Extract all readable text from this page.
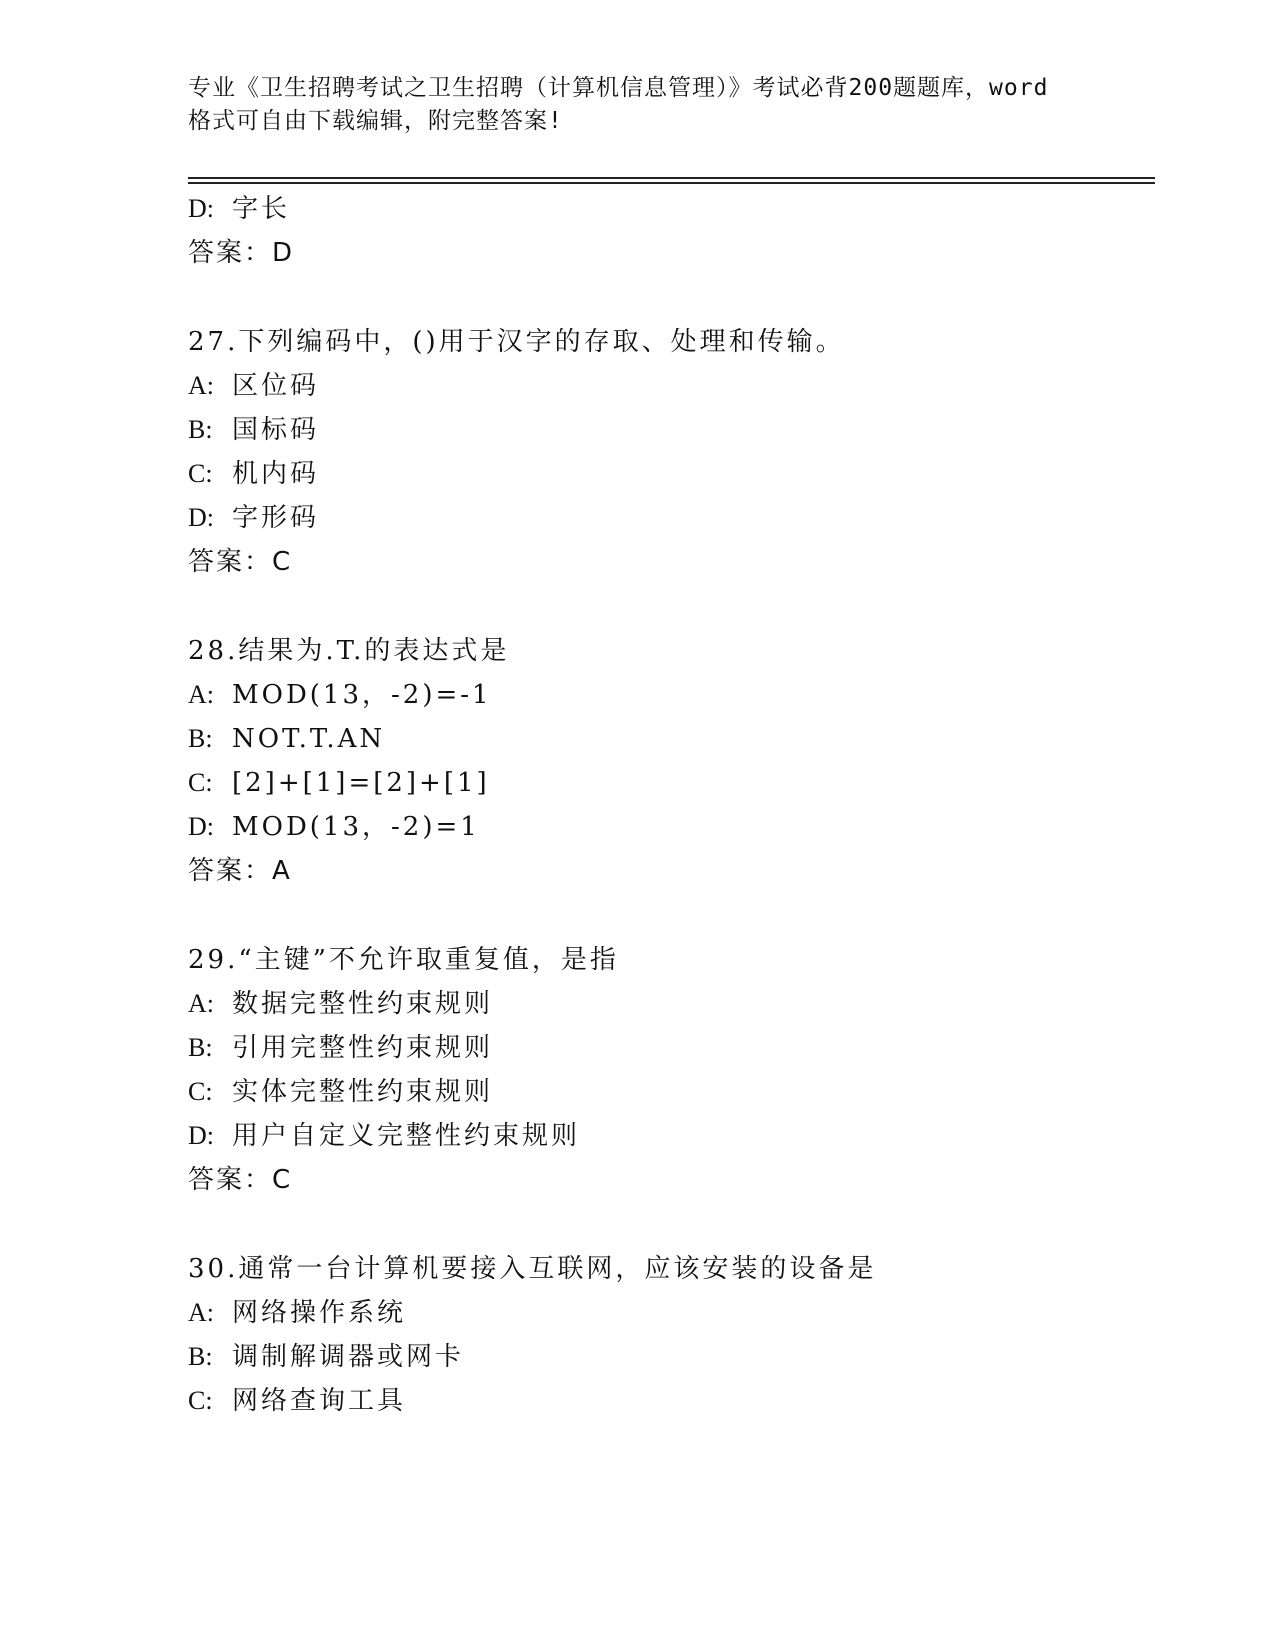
专业《卫生招聘考试之卫生招聘（计算机信息管理）》考试必背200题题库，word
格式可自由下载编辑，附完整答案!
D: 字长
答案：D
27.下列编码中，()用于汉字的存取、处理和传输。
A: 区位码
B: 国标码
C: 机内码
D: 字形码
答案：C
28.结果为.T.的表达式是
A: MOD(13，-2)=-1
B: NOT.T.AN
C: [2]+[1]=[2]+[1]
D: MOD(13，-2)=1
答案：A
29.“主键”不允许取重复值，是指
A: 数据完整性约束规则
B: 引用完整性约束规则
C: 实体完整性约束规则
D: 用户自定义完整性约束规则
答案：C
30.通常一台计算机要接入互联网，应该安装的设备是
A: 网络操作系统
B: 调制解调器或网卡
C: 网络查询工具
